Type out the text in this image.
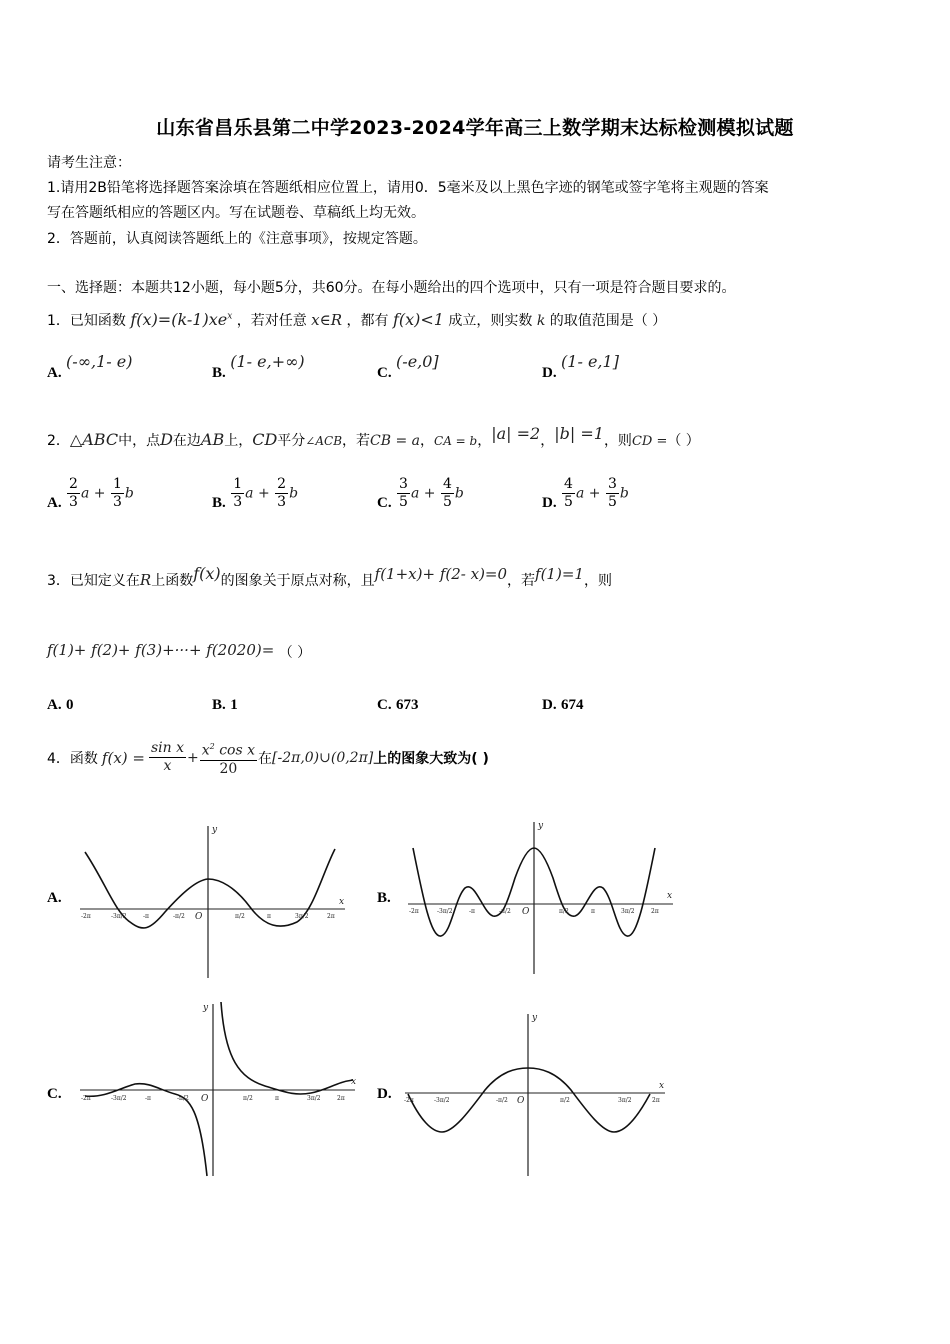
山东省昌乐县第二中学2023-2024学年高三上数学期末达标检测模拟试题
请考生注意：
1.请用2B铅笔将选择题答案涂填在答题纸相应位置上，请用0．5毫米及以上黑色字迹的钢笔或签字笔将主观题的答案
写在答题纸相应的答题区内。写在试题卷、草稿纸上均无效。
2．答题前，认真阅读答题纸上的《注意事项》，按规定答题。
一、选择题：本题共12小题，每小题5分，共60分。在每小题给出的四个选项中，只有一项是符合题目要求的。
1．已知函数 $f(x)=(k-1)xe^x$ ，若对任意 x∈R ，都有 f(x)<1 成立，则实数 k 的取值范围是（ ）
A. (-∞,1- e)
B. (1- e,+∞)
C. (-e,0]
D. (1- e,1]
2．△ABC中，点D在边AB上，CD平分∠ACB，若CB = a，CA = b，|a| =2，|b| =1，则CD =（ ）
A. $\frac{2}{3}$ $a + \frac{1}{3}$ b
B. $\frac{1}{3}$ $a + \frac{2}{3}$ b
C. $\frac{3}{5}$ $a + \frac{4}{5}$ b
D. $\frac{4}{5}$ $a + \frac{3}{5}$ b
3．已知定义在R上函数f(x)的图象关于原点对称，且f(1+x)+ f(2- x)=0，若f(1)=1，则
f(1)+ f(2)+ f(3)+···+ f(2020)= （ ）
A. 0	B. 1	C. 673	D. 674
4．函数 $f(x) = \frac{\text{sin x}}{x} + \frac{x^2 \cos x}{20}$ 在 [-2π,0)∪(0,2π] 上的图象大致为( )
A.	B.
C.	D.
x
y
O
-2π	-3π/2	-π	-π/2	π/2	π	3π/2	2π
x
y
O
-2π	-3π/2	-π	-π/2	π/2	π	3π/2	2π
x
y
O
-2π	-3π/2	-π	-π/2	π/2	π	3π/2	2π
x
y
O
-2π	-3π/2	-π/2	π/2	3π/2	2π
